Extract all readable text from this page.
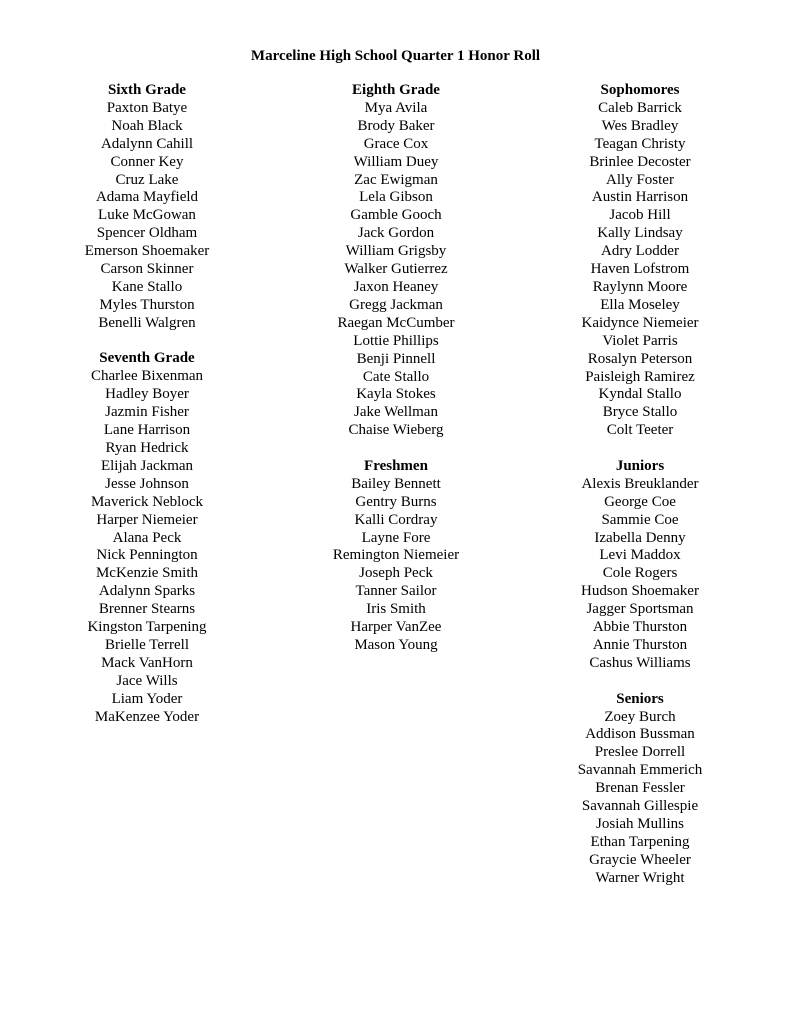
Marceline High School Quarter 1 Honor Roll
Sixth Grade
Paxton Batye
Noah Black
Adalynn Cahill
Conner Key
Cruz Lake
Adama Mayfield
Luke McGowan
Spencer Oldham
Emerson Shoemaker
Carson Skinner
Kane Stallo
Myles Thurston
Benelli Walgren
Seventh Grade
Charlee Bixenman
Hadley Boyer
Jazmin Fisher
Lane Harrison
Ryan Hedrick
Elijah Jackman
Jesse Johnson
Maverick Neblock
Harper Niemeier
Alana Peck
Nick Pennington
McKenzie Smith
Adalynn Sparks
Brenner Stearns
Kingston Tarpening
Brielle Terrell
Mack VanHorn
Jace Wills
Liam Yoder
MaKenzee Yoder
Eighth Grade
Mya Avila
Brody Baker
Grace Cox
William Duey
Zac Ewigman
Lela Gibson
Gamble Gooch
Jack Gordon
William Grigsby
Walker Gutierrez
Jaxon Heaney
Gregg Jackman
Raegan McCumber
Lottie Phillips
Benji Pinnell
Cate Stallo
Kayla Stokes
Jake Wellman
Chaise Wieberg
Freshmen
Bailey Bennett
Gentry Burns
Kalli Cordray
Layne Fore
Remington Niemeier
Joseph Peck
Tanner Sailor
Iris Smith
Harper VanZee
Mason Young
Sophomores
Caleb Barrick
Wes Bradley
Teagan Christy
Brinlee Decoster
Ally Foster
Austin Harrison
Jacob Hill
Kally Lindsay
Adry Lodder
Haven Lofstrom
Raylynn Moore
Ella Moseley
Kaidynce Niemeier
Violet Parris
Rosalyn Peterson
Paisleigh Ramirez
Kyndal Stallo
Bryce Stallo
Colt Teeter
Juniors
Alexis Breuklander
George Coe
Sammie Coe
Izabella Denny
Levi Maddox
Cole Rogers
Hudson Shoemaker
Jagger Sportsman
Abbie Thurston
Annie Thurston
Cashus Williams
Seniors
Zoey Burch
Addison Bussman
Preslee Dorrell
Savannah Emmerich
Brenan Fessler
Savannah Gillespie
Josiah Mullins
Ethan Tarpening
Graycie Wheeler
Warner Wright
